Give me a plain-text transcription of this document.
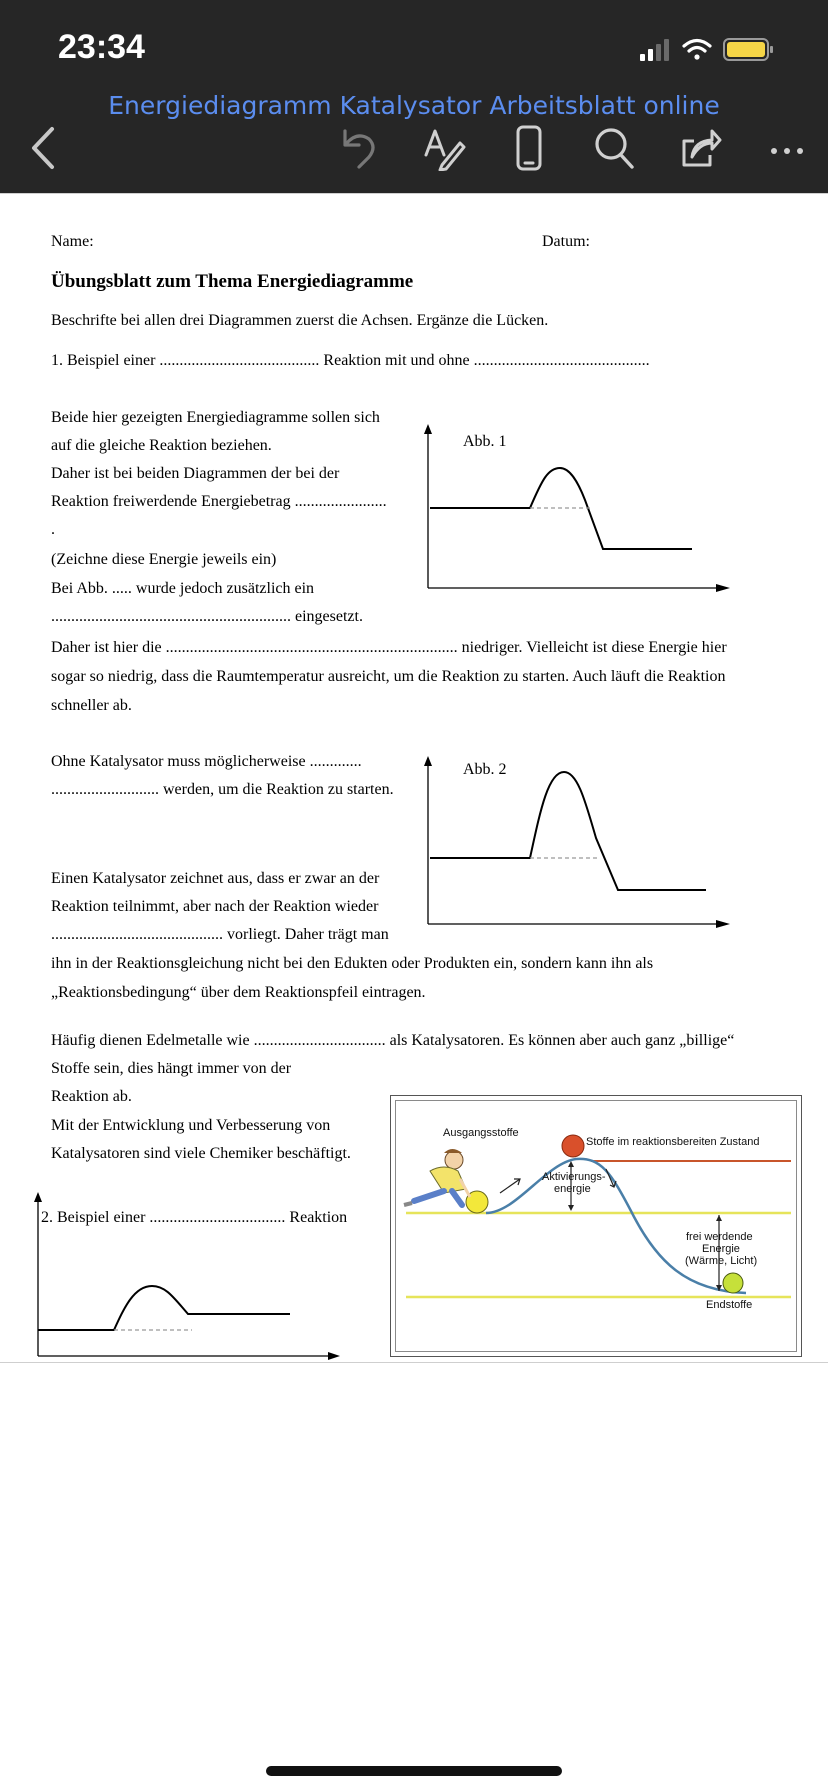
23:34
Energiediagramm Katalysator Arbeitsblatt online
Name:	Datum:
Übungsblatt zum Thema Energiediagramme
Beschrifte bei allen drei Diagrammen zuerst die Achsen. Ergänze die Lücken.
1. Beispiel einer ........................................ Reaktion mit und ohne ............................................
Beide hier gezeigten Energiediagramme sollen sich
auf die gleiche Reaktion beziehen.
Daher ist bei beiden Diagrammen der bei der
Reaktion freiwerdende Energiebetrag .......................
.
(Zeichne diese Energie jeweils ein)
Bei Abb. ..... wurde jedoch zusätzlich ein
............................................................ eingesetzt.
Abb. 1
Daher ist hier die ......................................................................... niedriger. Vielleicht ist diese Energie hier
sogar so niedrig, dass die Raumtemperatur ausreicht, um die Reaktion zu starten. Auch läuft die Reaktion
schneller ab.
Ohne Katalysator muss möglicherweise .............
........................... werden, um die Reaktion zu starten.
Abb. 2
Einen Katalysator zeichnet aus, dass er zwar an der
Reaktion teilnimmt, aber nach der Reaktion wieder
........................................... vorliegt. Daher trägt man
ihn in der Reaktionsgleichung nicht bei den Edukten oder Produkten ein, sondern kann ihn als
„Reaktionsbedingung“ über dem Reaktionspfeil eintragen.
Häufig dienen Edelmetalle wie ................................. als Katalysatoren. Es können aber auch ganz „billige“
Stoffe sein, dies hängt immer von der
Reaktion ab.
Mit der Entwicklung und Verbesserung von
Katalysatoren sind viele Chemiker beschäftigt.
2. Beispiel einer .................................. Reaktion
Ausgangsstoffe
Stoffe im reaktionsbereiten Zustand
Aktivierungs-
energie
frei werdende
Energie
(Wärme, Licht)
Endstoffe
